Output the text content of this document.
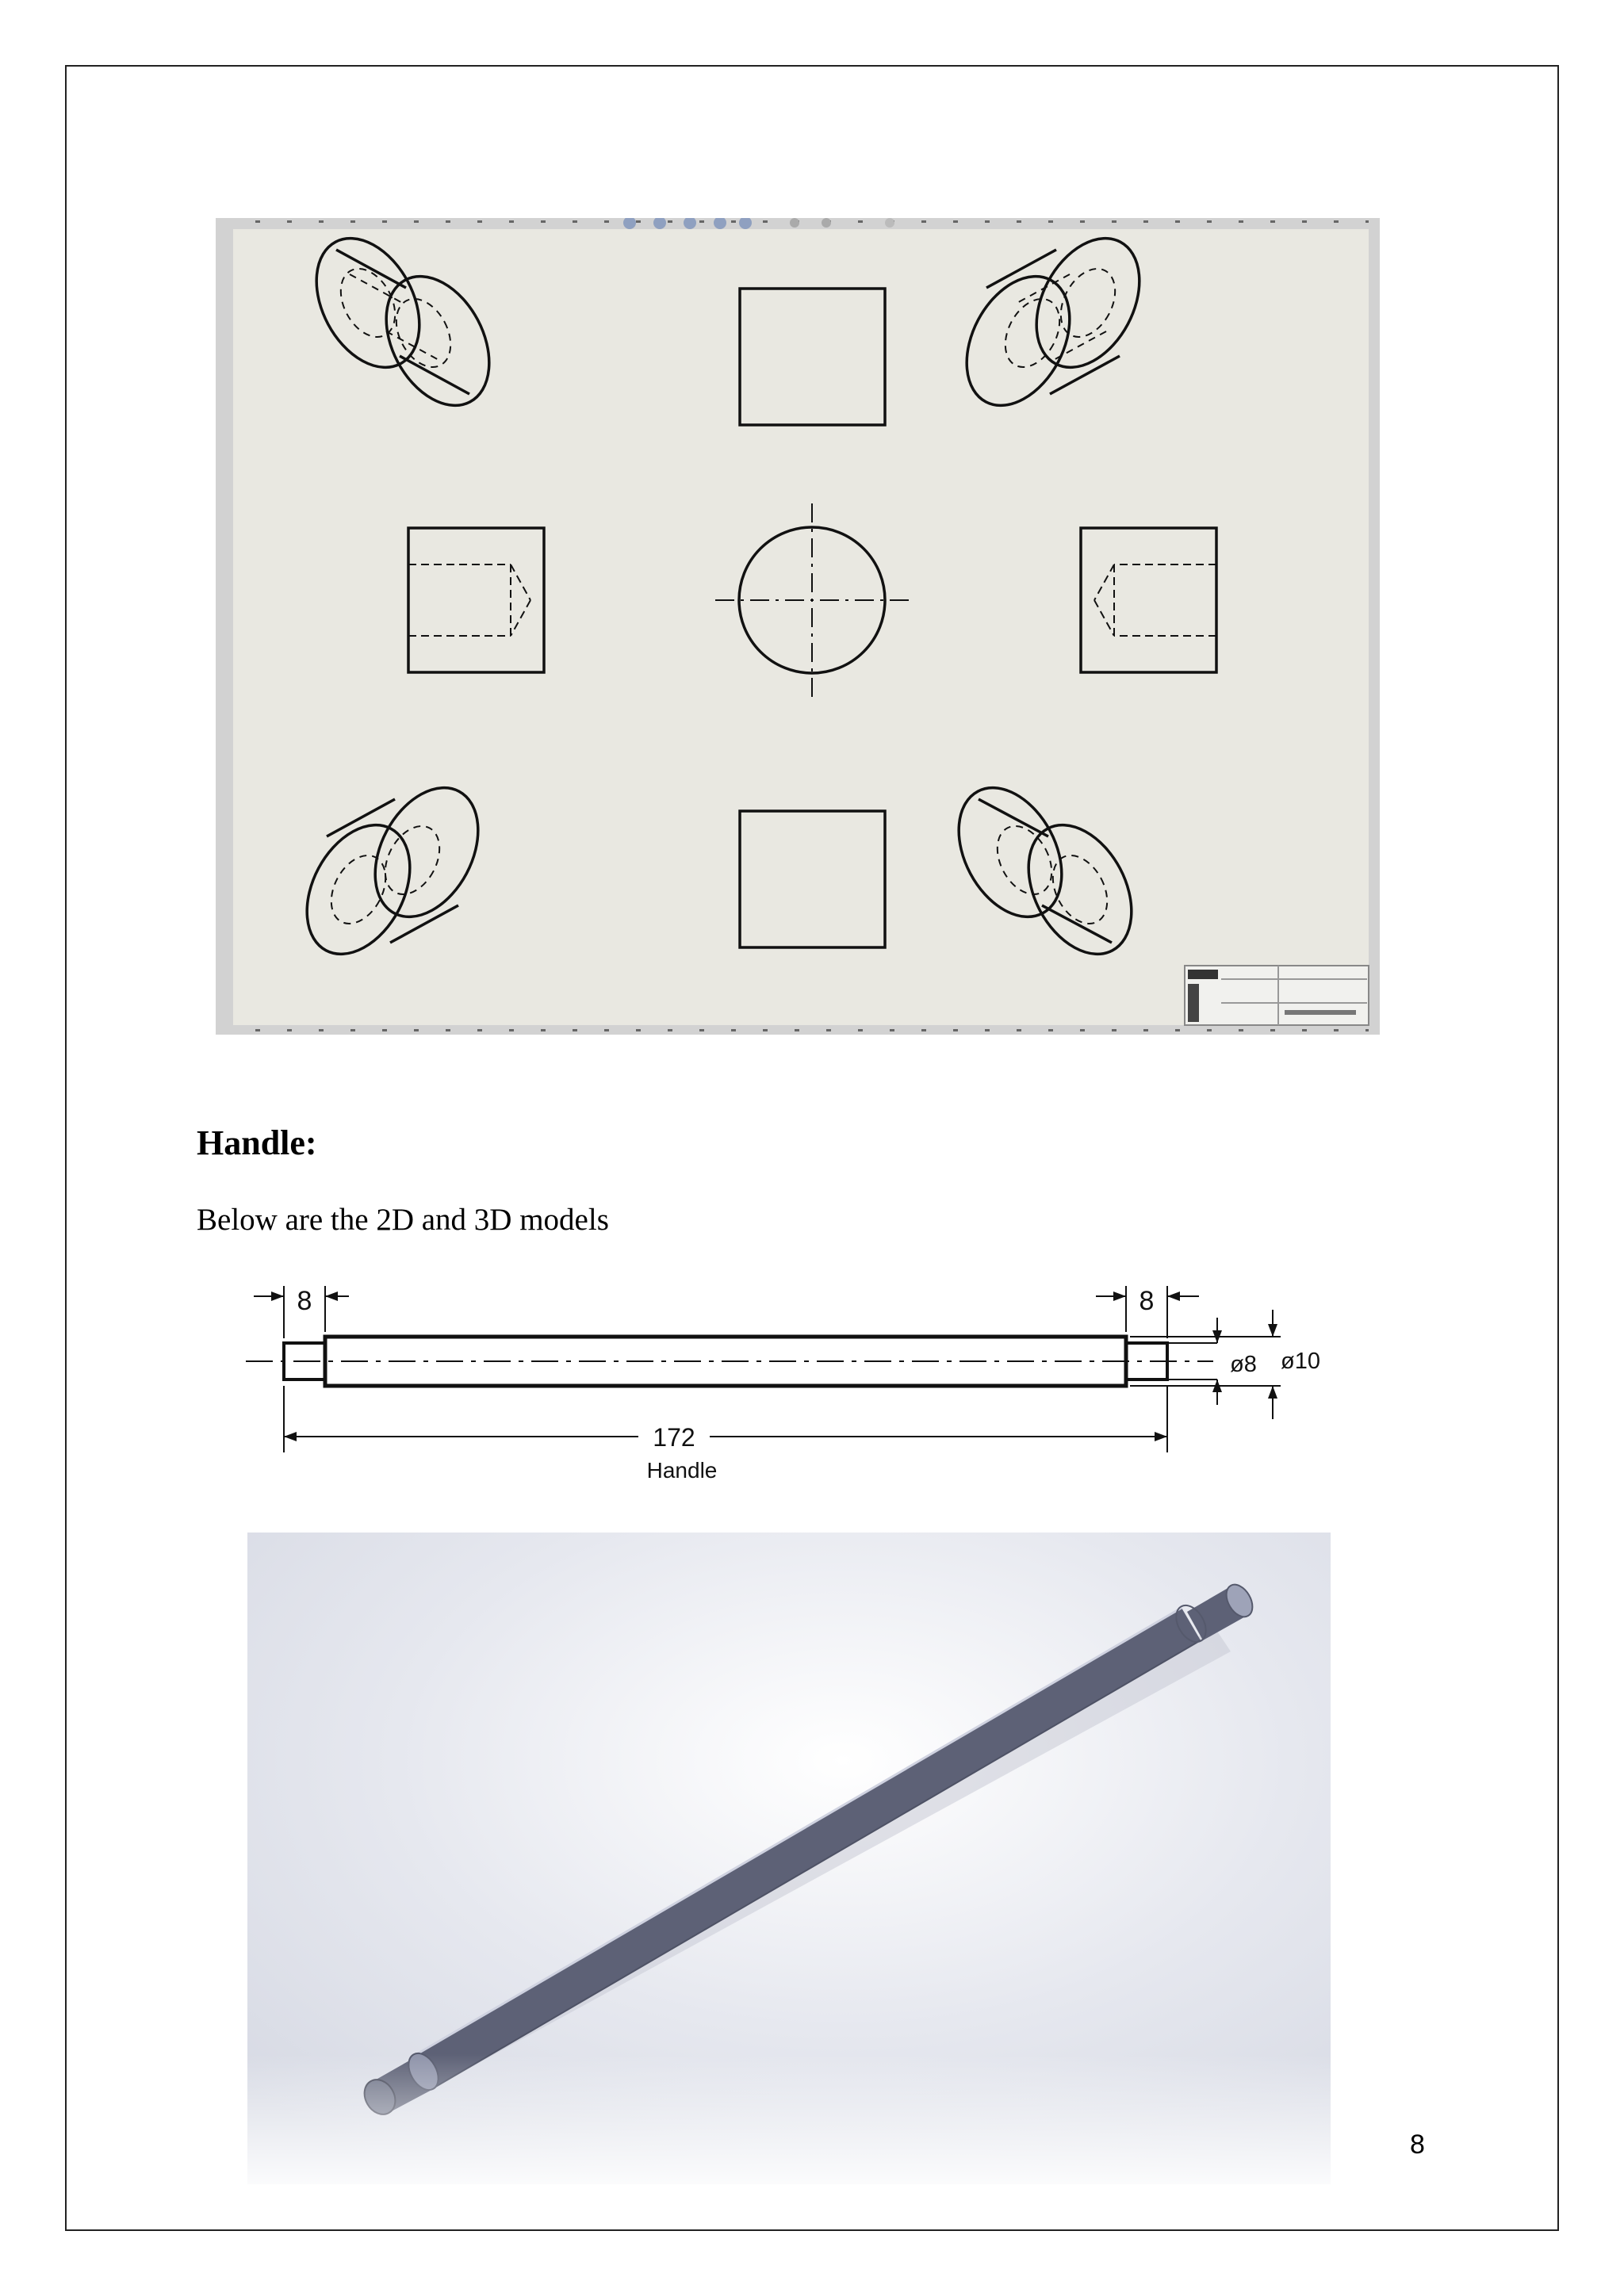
Handle:

Below are the 2D and 3D models

8	8
172
ø8 ø10
Handle

8
